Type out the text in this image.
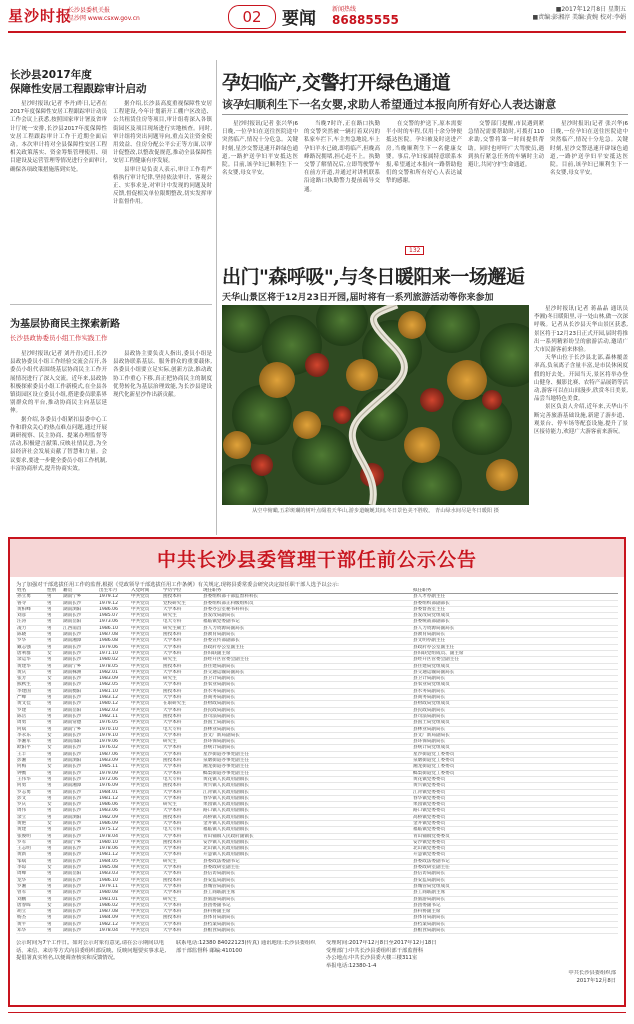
星沙时报
长沙县委机关报
星沙网 www.csxw.gov.cn	02	要闻	新闻热线
86885555
■2017年12月8日 星期五
■责编:彭湘淳 美编:黄婉 校对:李娟
长沙县2017年度
保障性安居工程跟踪审计启动

星沙时报讯(记者 李丹)昨日,记者在2017年度保障性安居工程跟踪审计动员工作会议上获悉,按照国家审计署及省审计厅统一安排,长沙县2017年度保障性安居工程跟踪审计工作于近期全面启动。本次审计将对全县保障性安居工程相关政策落实、资金筹集管理使用、项目建设及运营管理等情况进行全面审计,确保各项政策措施落到实处。

据介绍,长沙县高度重视保障性安居工程建设,今年计划新开工棚户区改造、公共租赁住房等项目,审计组将深入各镇街园区及项目现场进行实地核查。同时,审计组将突出问题导向,重点关注资金使用效益、住房分配公平公正等方面,以审计促整改,以整改促规范,推动全县保障性安居工程健康有序发展。

县审计局负责人表示,审计工作将严格执行审计纪律,坚持依法审计、客观公正、实事求是,对审计中发现的问题及时反馈,督促相关单位限期整改,切实发挥审计监督作用。

为基层协商民主探索新路
长沙县政协委员小组工作实践工作

星沙时报讯(记者 刘丹青)近日,长沙县政协委员小组工作经验交流会召开,各委员小组代表围绕基层协商民主工作开展情况进行了深入交流。近年来,县政协积极探索委员小组工作新模式,在全县各镇街园区设立委员小组,搭建委员联系界别群众的平台,推动协商民主向基层延伸。

据介绍,各委员小组紧扣县委中心工作和群众关心的热点难点问题,通过开展调研视察、民主协商、提案办理监督等活动,积极建言献策,反映社情民意,为全县经济社会发展贡献了智慧和力量。会议要求,要进一步健全委员小组工作机制,丰富协商形式,提升协商实效。

县政协主要负责人指出,委员小组是县政协联系基层、服务群众的重要载体,各委员小组要立足实际,创新方法,推动政协工作重心下移,真正把协商民主的制度优势转化为基层治理效能,为长沙县建设现代化新星沙作出新贡献。

孕妇临产,交警打开绿色通道
该孕妇顺利生下一名女婴,求助人希望通过本报向所有好心人表达谢意

星沙时报讯(记者 张兴华)6日晚,一位孕妇在送往医院途中突然临产,情况十分危急。关键时刻,星沙交警迅速开辟绿色通道,一路护送孕妇平安抵达医院。目前,该孕妇已顺利生下一名女婴,母女平安。

当晚7时许,正在路口执勤的交警突然被一辆打着双闪的私家车拦下,车主焦急地说,车上孕妇羊水已破,即将临产,但晚高峰路况拥堵,担心赶不上。执勤交警了解情况后,立即驾驶警车在前方开道,并通过对讲机联系沿途路口执勤警力提前疏导交通。

在交警的护送下,原本需要半小时的车程,仅用十余分钟便抵达医院。孕妇被及时送进产房,当晚顺利生下一名健康女婴。事后,孕妇家属特意联系本报,希望通过本报向一路帮助他们的交警和所有好心人表达诚挚的感谢。

交警部门提醒,市民遇到紧急情况需要帮助时,可拨打110求助,交警将第一时间提供帮助。同时也呼吁广大驾驶员,遇到执行紧急任务的车辆时主动避让,共同守护生命通道。

星沙时报讯(记者 张兴华)6日晚,一位孕妇在送往医院途中突然临产,情况十分危急。关键时刻,星沙交警迅速开辟绿色通道,一路护送孕妇平安抵达医院。目前,该孕妇已顺利生下一名女婴,母女平安。

132
出门"森呼吸",与冬日暖阳来一场邂逅
天华山景区将于12月23日开园,届时将有一系列旅游活动等你来参加
从空中俯瞰,五彩斑斓的树叶点缀着天华山,游步道蜿蜒其间,冬日景色美不胜收。 青山绿水间尽是冬日暖阳 摄

星沙时报讯(记者 蒋晶晶 通讯员 李湘)冬日暖阳里,寻一处山林,做一次深呼吸。记者从长沙县天华山景区获悉,景区将于12月23日正式开园,届时将推出一系列精彩纷呈的旅游活动,邀请广大市民游客前来体验。

天华山位于长沙县北部,森林覆盖率高,负氧离子含量丰富,是市民休闲度假的好去处。开园当天,景区将举办登山健身、摄影比赛、农特产品展销等活动,游客可以在山间漫步,欣赏冬日美景,品尝当地特色美食。

景区负责人介绍,近年来,天华山不断完善旅游基础设施,新建了游步道、观景台、停车场等配套设施,提升了景区接待能力,欢迎广大游客前来游玩。

中共长沙县委管理干部任前公示公告
为了加强对干部选拔任用工作的监督,根据《党政领导干部选拔任用工作条例》有关规定,现将县委常委会研究决定拟任职干部人选予以公示:
姓名	性别	籍贯	出生年月	入党时间	学历学位	现任职务	拟任职务
孙立勇	男	湖南宁乡	1979.12	中共党员	函授本科	县委组织部干部监督科科长	县人才办副主任
鲁寻	男	湖南长沙	1979.12	中共党员	党校研究生	县委组织部正科级组织员	县委组织部副部长
黄柏峰	男	湖南浏阳	1986.06	中共党员	大学本科	县委办公室秘书科科长	县委督查室主任
刘彦	男	湖南长沙	1985.07	中共党员	研究生	县发改局副局长	县发改局党组成员
汪涛	男	湖南岳阳	1973.06	中共党员	电大专科	福临镇党委副书记	县委统战部副部长
凌力	男	江西南昌	1986.10	中共党员	研究生硕士	县人力资源局副局长	县人力资源局副局长
陈晓	男	湖南长沙	1987.08	中共党员	函授本科	县教育局副局长	县教育局副局长
罗华	男	湖南湘潭	1986.08	中共党员	大学本科	县委宣传部副部长	县文明办副主任
戴志强	男	湖南长沙	1979.06	中共党员	大学本科	县政府办公室副主任	县政府办公室副主任
唐利群	女	湖南长沙	1971.10	中共党员	大学本科	县妇联副主席	县妇联党组成员、副主席
余运华	男	湖南长沙	1980.02	中共党员	研究生	县经开区管委会副主任	县经开区管委会副主任
黄建华	男	湖南宁乡	1978.05	中共党员	函授本科	县住建局副局长	县住建局党组成员
黄庆	男	湖南株洲	1982.01	中共党员	大学本科	县交通运输局副局长	县交通运输局副局长
张芳	女	湖南长沙	1983.09	中共党员	研究生	县卫计局副局长	县卫计局副局长
熊秋生	男	湖南长沙	1982.05	中共党员	大学本科	县农业局副局长	县农业局党组成员
李建国	男	湖南衡阳	1981.10	中共党员	函授本科	县水务局副局长	县水务局副局长
严峰	男	湖南长沙	1983.12	中共党员	大学本科	县商务局副局长	县商务局副局长
黄文佳	男	湖南长沙	1980.12	中共党员	在职研究生	县财政局副局长	县财政局党组成员
罗建	男	湖南岳阳	1982.03	中共党员	大学本科	县民政局副局长	县民政局副局长
陈岳	男	湖南长沙	1982.11	中共党员	函授本科	县司法局副局长	县司法局副局长
周勇	男	湖南常德	1976.05	中共党员	大学本科	县国土局副局长	县国土局党组成员
何斌	男	湖南宁乡	1970.10	中共党员	电大专科	县林业局副局长	县林业局副局长
李永乐	女	湖南长沙	1979.10	中共党员	大学本科	县文广新局副局长	县文广新局副局长
李湘军	男	湖南邵阳	1979.06	中共党员	研究生	县环保局副局长	县环保局副局长
欧阳平	女	湖南长沙	1976.02	中共党员	大学本科	县统计局副局长	县统计局党组成员
王丰	男	湖南长沙	1987.06	中共党员	大学本科	星沙街道办事处副主任	星沙街道党工委委员
彭湘	男	湖南浏阳	1983.09	中共党员	函授本科	泉塘街道办事处副主任	泉塘街道党工委委员
何梅	女	湖南长沙	1985.11	中共党员	大学本科	湘龙街道办事处副主任	湘龙街道党工委委员
钟衡	男	湖南长沙	1979.09	中共党员	大学本科	榔梨街道办事处副主任	榔梨街道党工委委员
王伟华	男	湖南长沙	1972.06	中共党员	电大专科	黄花镇人民政府副镇长	黄花镇党委委员
何勇	男	湖南湘潭	1976.09	中共党员	函授本科	黄兴镇人民政府副镇长	黄兴镇党委委员
罗志勇	男	湖南长沙	1984.01	中共党员	大学本科	江背镇人民政府副镇长	江背镇党委委员
彭文	男	湖南长沙	1981.12	中共党员	大学本科	春华镇人民政府副镇长	春华镇党委委员
罗庆	女	湖南长沙	1986.06	中共党员	研究生	果园镇人民政府副镇长	果园镇党委委员
周伟	男	湖南长沙	1983.06	中共党员	大学本科	路口镇人民政府副镇长	路口镇党委委员
余立	男	湖南浏阳	1982.09	中共党员	函授本科	高桥镇人民政府副镇长	高桥镇党委委员
黄艳	女	湖南长沙	1986.09	中共党员	大学本科	金井镇人民政府副镇长	金井镇党委委员
黄建	男	湖南长沙	1975.12	中共党员	电大专科	福临镇人民政府副镇长	福临镇党委委员
张俊明	男	湖南长沙	1978.04	中共党员	大学本科	青山铺镇人民政府副镇长	青山铺镇党委委员
罗军	男	湖南宁乡	1980.10	中共党员	函授本科	安沙镇人民政府副镇长	安沙镇党委委员
王志明	男	湖南长沙	1978.06	中共党员	大学本科	北山镇人民政府副镇长	北山镇党委委员
黄新	男	湖南长沙	1981.12	中共党员	大学本科	开慧镇人民政府副镇长	开慧镇党委委员
邹斌	男	湖南长沙	1984.05	中共党员	研究生	县委政法委副书记	县委政法委副书记
李琼	女	湖南长沙	1985.08	中共党员	大学本科	县委政研室副主任	县委政研室副主任
周峰	男	湖南岳阳	1983.03	中共党员	大学本科	县信访局副局长	县信访局副局长
龙华	男	湖南长沙	1986.10	中共党员	函授本科	县安监局副局长	县安监局副局长
罗湘	男	湖南长沙	1979.11	中共党员	大学本科	县城管局副局长	县城管局党组成员
曾军	男	湖南长沙	1980.08	中共党员	大学本科	县工商联副主席	县工商联副主席
刘鹏	男	湖南长沙	1981.01	中共党员	研究生	县旅游局副局长	县旅游局副局长
唐春晖	女	湖南长沙	1986.02	中共党员	大学本科	县团委副书记	县团委副书记
胡立	男	湖南长沙	1987.08	中共党员	大学本科	县科协副主席	县科协副主席
杨杰	男	湖南长沙	1984.09	中共党员	函授本科	县体育局副局长	县体育局副局长
黄平	男	湖南长沙	1982.12	中共党员	大学本科	县档案局副局长	县档案局副局长
邓华	男	湖南长沙	1978.04	中共党员	大学本科	县粮食局副局长	县粮食局副局长
公示时间为7个工作日。如对公示对象有意见,请在公示期间以电话、来信、来访等方式向县委组织部反映。反映问题要实事求是,提倡署真实姓名,以便调查核实和反馈情况。
联系电话:12380 84022123(传真) 通讯地址:长沙县委组织部干部监督科 邮编:410100
受理时间:2017年12月8日至2017年12月18日
受理部门:中共长沙县委组织部干部监督科
办公地点:中共长沙县委大楼三楼311室
举报电话:12380-1-4
中共长沙县委组织部
2017年12月8日
